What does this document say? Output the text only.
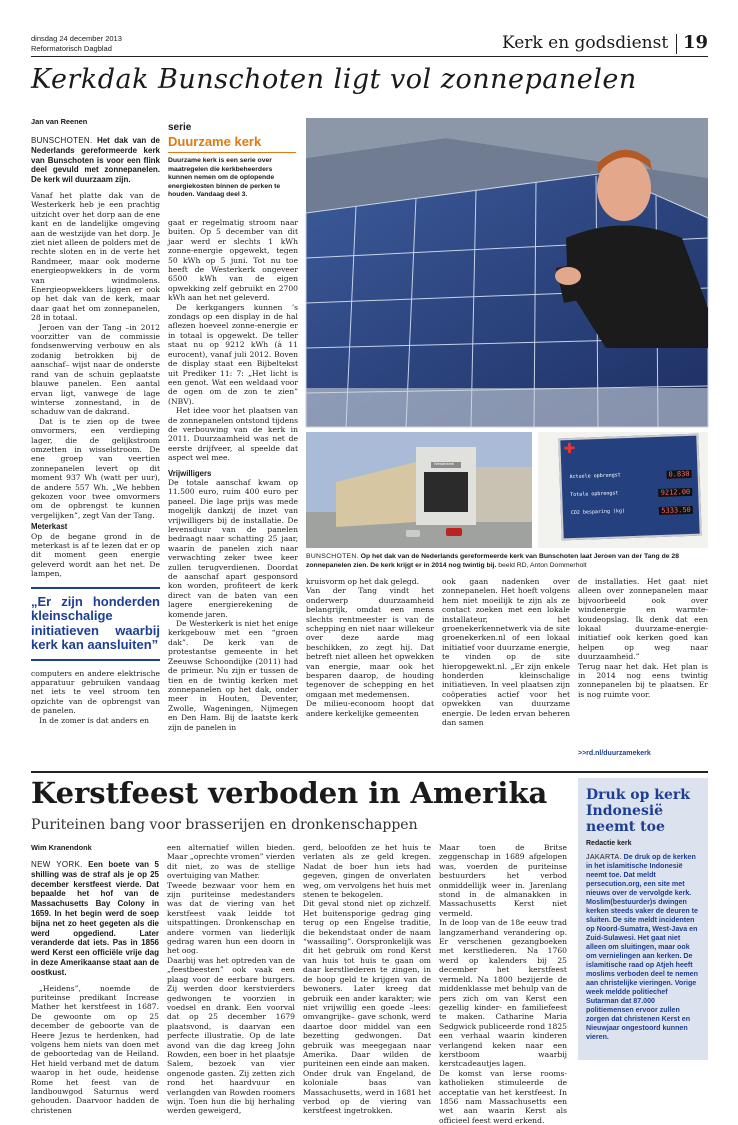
dinsdag 24 december 2013
Reformatorisch Dagblad	Kerk en godsdienst 19
Kerkdak Bunschoten ligt vol zonnepanelen
Jan van Reenen
BUNSCHOTEN. Het dak van de Nederlands gereformeerde kerk van Bunschoten is voor een flink deel gevuld met zonnepanelen. De kerk wil duurzaam zijn.

Vanaf het platte dak van de Westerkerk heb je een prachtig uitzicht over het dorp aan de ene kant en de landelijke omgeving aan de westzijde van het dorp. Je ziet niet alleen de polders met de rechte sloten en in de verte het Randmeer, maar ook moderne energieopwekkers in de vorm van windmolens. Energieopwekkers liggen er ook op het dak van de kerk, maar daar gaat het om zonnepanelen, 28 in totaal.

Jeroen van der Tang –in 2012 voorzitter van de commissie fondsenwerving verbouw en als zodanig betrokken bij de aanschaf– wijst naar de onderste rand van de schuin geplaatste blauwe panelen. Een aantal ervan ligt, vanwege de lage winterse zonnestand, in de schaduw van de dakrand.

Dat is te zien op de twee omvormers, een verdieping lager, die de gelijkstroom omzetten in wisselstroom. De ene groep van veertien zonnepanelen levert op dit moment 937 Wh (watt per uur), de andere 557 Wh. „We hebben gekozen voor twee omvormers om de opbrengst te kunnen vergelijken”, zegt Van der Tang.

Meterkast

Op de begane grond in de meterkast is af te lezen dat er op dit moment geen energie geleverd wordt aan het net. De lampen,

„Er zijn honderden kleinschalige initiatieven waarbij kerk kan aansluiten”

computers en andere elektrische apparatuur gebruiken vandaag net iets te veel stroom ten opzichte van de opbrengst van de panelen.

In de zomer is dat anders en

serie
Duurzame kerk
Duurzame kerk is een serie over maatregelen die kerkbeheerders kunnen nemen om de oplopende energiekosten binnen de perken te houden. Vandaag deel 3.

gaat er regelmatig stroom naar buiten. Op 5 december van dit jaar werd er slechts 1 kWh zonne-energie opgewekt, tegen 50 kWh op 5 juni. Tot nu toe heeft de Westerkerk ongeveer 6500 kWh van de eigen opwekking zelf gebruikt en 2700 kWh aan het net geleverd.

De kerkgangers kunnen ’s zondags op een display in de hal aflezen hoeveel zonne-energie er in totaal is opgewekt. De teller staat nu op 9212 kWh (à 11 eurocent), vanaf juli 2012. Boven de display staat een Bijbeltekst uit Prediker 11: 7: „Het licht is een genot. Wat een weldaad voor de ogen om de zon te zien” (NBV).

Het idee voor het plaatsen van de zonnepanelen ontstond tijdens de verbouwing van de kerk in 2011. Duurzaamheid was net de eerste drijfveer, al speelde dat aspect wel mee.

Vrijwilligers

De totale aanschaf kwam op 11.500 euro, ruim 400 euro per paneel. Die lage prijs was mede mogelijk dankzij de inzet van vrijwilligers bij de installatie. De levensduur van de panelen bedraagt naar schatting 25 jaar, waarin de panelen zich naar verwachting zeker twee keer zullen terugverdienen. Doordat de aanschaf apart gesponsord kon worden, profiteert de kerk direct van de baten van een lagere energierekening de komende jaren.

De Westerkerk is niet het enige kerkgebouw met een “groen dak”. De kerk van de protestantse gemeente in het Zeeuwse Schoondijke (2011) had de primeur. Nu zijn er tussen de tien en de twintig kerken met zonnepanelen op het dak, onder meer in Houten, Deventer, Zwolle, Wageningen, Nijmegen en Den Ham. Bij de laatste kerk zijn de panelen in

Westerkerk
✚
Actuele opbrengst	0.830
Totale opbrengst	9212.00
CO2 besparing (kg)	5333.50
BUNSCHOTEN. Op het dak van de Nederlands gereformeerde kerk van Bunschoten laat Jeroen van der Tang de 28 zonnepanelen zien. De kerk krijgt er in 2014 nog twintig bij. beeld RD, Anton Dommerholt
kruisvorm op het dak gelegd.
Van der Tang vindt het onderwerp duurzaamheid belangrijk, omdat een mens slechts rentmeester is van de schepping en niet naar willekeur over deze aarde mag beschikken, zo zegt hij. Dat betreft niet alleen het opwekken van energie, maar ook het besparen daarop, de houding tegenover de schepping en het omgaan met medemensen.
De milieu-econoom hoopt dat andere kerkelijke gemeenten
ook gaan nadenken over zonnepanelen. Het hoeft volgens hem niet moeilijk te zijn als ze contact zoeken met een lokale installateur, het groenekerkennetwerk via de site groenekerken.nl of een lokaal initiatief voor duurzame energie, te vinden op de site hieropgewekt.nl. „Er zijn enkele honderden kleinschalige initiatieven. In veel plaatsen zijn coöperaties actief voor het opwekken van duurzame energie. De leden ervan beheren dan samen
de installaties. Het gaat niet alleen over zonnepanelen maar bijvoorbeeld ook over windenergie en warmte-koudeopslag. Ik denk dat een lokaal duurzame-energie-initiatief ook kerken goed kan helpen op weg naar duurzaamheid.”
Terug naar het dak. Het plan is in 2014 nog eens twintig zonnepanelen bij te plaatsen. Er is nog ruimte voor.
>>rd.nl/duurzamekerk
Kerstfeest verboden in Amerika
Puriteinen bang voor brasserijen en dronkenschappen
Wim Kranendonk
NEW YORK. Een boete van 5 shilling was de straf als je op 25 december kerstfeest vierde. Dat bepaalde het hof van de Massachusetts Bay Colony in 1659. In het begin werd de soep bijna net zo heet gegeten als die werd opgediend. Later veranderde dat iets. Pas in 1856 werd Kerst een officiële vrije dag in deze Amerikaanse staat aan de oostkust.

„Heidens”, noemde de puriteinse predikant Increase Mather het kerstfeest in 1687. De gewoonte om op 25 december de geboorte van de Heere Jezus te herdenken, had volgens hem niets van doen met de geboortedag van de Heiland. Het hield verband met de datum waarop in het oude, heidense Rome het feest van de landbouwgod Saturnus werd gehouden. Daarvoor hadden de christenen

een alternatief willen bieden. Maar „oprechte vromen” vierden dit niet, zo was de stellige overtuiging van Mather.
Tweede bezwaar voor hem en zijn puriteinse medestanders was dat de viering van het kerstfeest vaak leidde tot uitspattingen. Dronkenschap en andere vormen van liederlijk gedrag waren hun een doorn in het oog.
Daarbij was het optreden van de „feestbeesten” ook vaak een plaag voor de eerbare burgers. Zij werden door kerstvierders gedwongen te voorzien in voedsel en drank. Een voorval dat op 25 december 1679 plaatsvond, is daarvan een perfecte illustratie. Op de late avond van die dag kreeg John Rowden, een boer in het plaatsje Salem, bezoek van vier ongenode gasten. Zij zetten zich rond het haardvuur en verlangden van Rowden roomers wijn. Toen hun die bij herhaling werden geweigerd,
gerd, beloofden ze het huis te verlaten als ze geld kregen. Nadat de boer hun iets had gegeven, gingen de onverlaten weg, om vervolgens het huis met stenen te bekogelen.
Dit geval stond niet op zichzelf. Het buitensporige gedrag ging terug op een Engelse traditie, die bekendstaat onder de naam “wassailing”. Oorspronkelijk was dit het gebruik om rond Kerst van huis tot huis te gaan om daar kerstliederen te zingen, in de hoop geld te krijgen van de bewoners. Later kreeg dat gebruik een ander karakter; wie niet vrijwillig een goede –lees: omvangrijke– gave schonk, werd daartoe door middel van een bezetting gedwongen. Dat gebruik was meegegaan naar Amerika. Daar wilden de puriteinen een einde aan maken.
Onder druk van Engeland, de koloniale baas van Massachusetts, werd in 1681 het verbod op de viering van kerstfeest ingetrokken.
Maar toen de Britse zeggenschap in 1689 afgelopen was, voerden de puriteinse bestuurders het verbod onmiddellijk weer in. Jarenlang stond in de almanakken in Massachusetts Kerst niet vermeld.
In de loop van de 18e eeuw trad langzamerhand verandering op. Er verschenen gezangboeken met kerstliederen. Na 1760 werd op kalenders bij 25 december het kerstfeest vermeld. Na 1800 bezijerde de middenklasse met behulp van de pers zich om van Kerst een gezellig kinder- en familiefeest te maken. Catharine Maria Sedgwick publiceerde rond 1825 een verhaal waarin kinderen verlangend keken naar een kerstboom waarbij kerstcadeautjes lagen.
De komst van lerse rooms-katholieken stimuleerde de acceptatie van het kerstfeest. In 1856 nam Massachusetts een wet aan waarin Kerst als officieel feest werd erkend.
Druk op kerk Indonesië neemt toe
Redactie kerk
JAKARTA. De druk op de kerken in het islamitische Indonesië neemt toe. Dat meldt persecution.org, een site met nieuws over de vervolgde kerk. Moslim(bestuurder)s dwingen kerken steeds vaker de deuren te sluiten. De site meldt incidenten op Noord-Sumatra, West-Java en Zuid-Sulawesi. Het gaat niet alleen om sluitingen, maar ook om vernielingen aan kerken. De islamitische raad op Atjeh heeft moslims verboden deel te nemen aan christelijke vieringen. Vorige week meldde politiechef Sutarman dat 87.000 politiemensen ervoor zullen zorgen dat christenen Kerst en Nieuwjaar ongestoord kunnen vieren.
